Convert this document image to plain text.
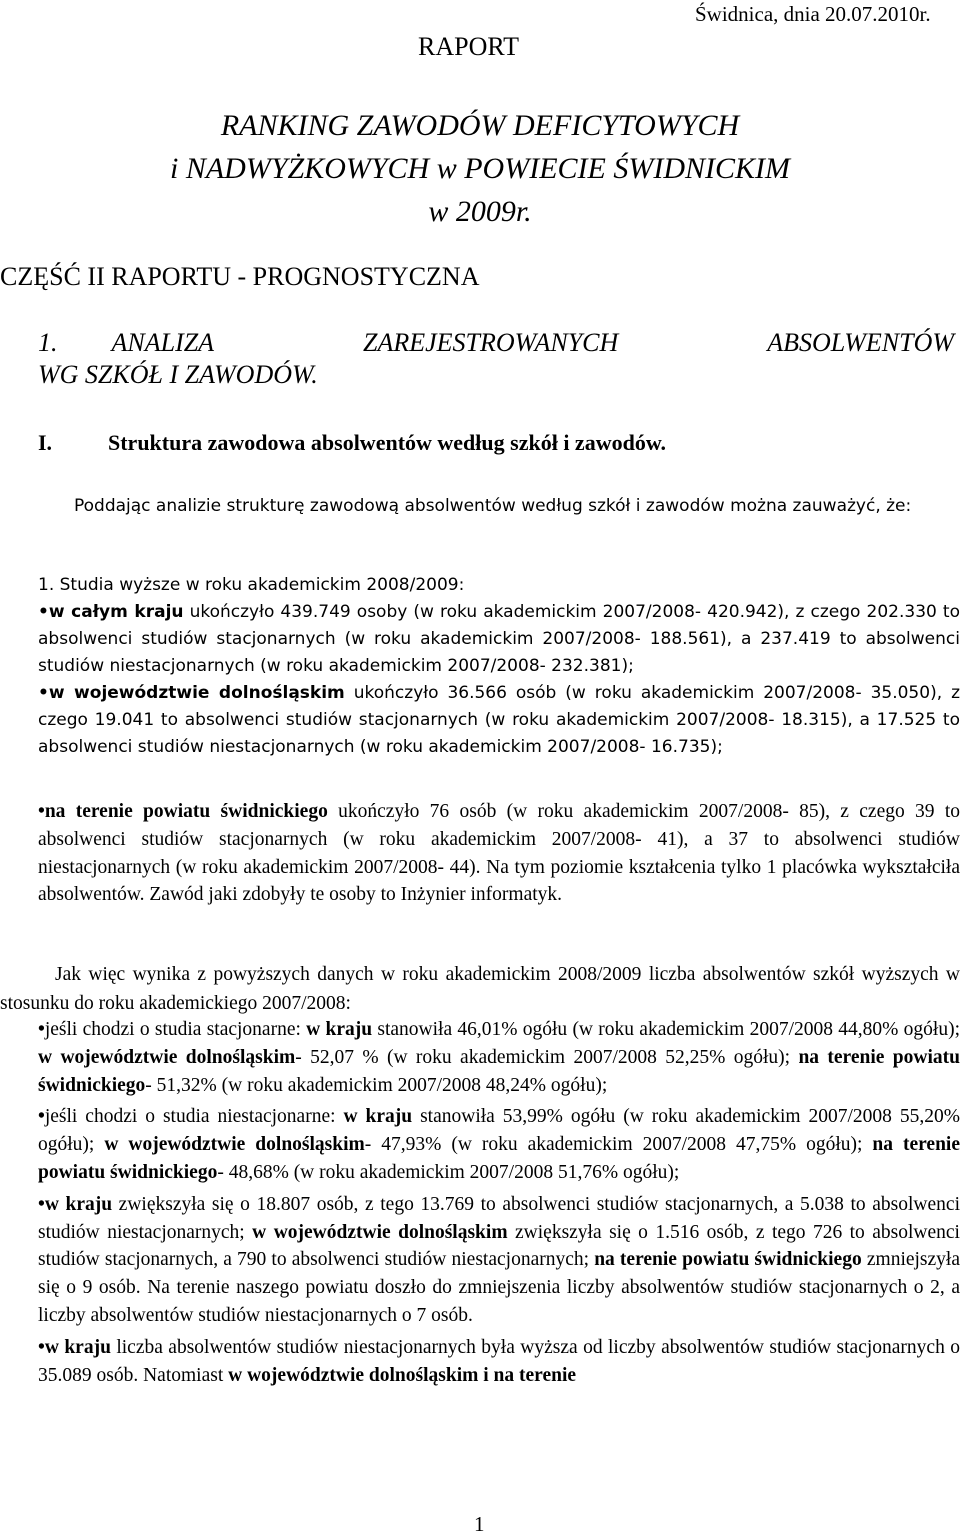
Świdnica, dnia 20.07.2010r.
RAPORT
RANKING ZAWODÓW DEFICYTOWYCH
i NADWYŻKOWYCH w POWIECIE ŚWIDNICKIM
w 2009r.
CZĘŚĆ II RAPORTU - PROGNOSTYCZNA
1. ANALIZA	ZAREJESTROWANYCH	ABSOLWENTÓW
WG SZKÓŁ I ZAWODÓW.
I.	Struktura zawodowa absolwentów według szkół i zawodów.

Poddając analizie strukturę zawodową absolwentów według szkół i zawodów można zauważyć, że:

1. Studia wyższe w roku akademickim 2008/2009:
•w całym kraju ukończyło 439.749 osoby (w roku akademickim 2007/2008- 420.942), z czego 202.330 to absolwenci studiów stacjonarnych (w roku akademickim 2007/2008- 188.561), a 237.419 to absolwenci studiów niestacjonarnych (w roku akademickim 2007/2008- 232.381);
•w województwie dolnośląskim ukończyło 36.566 osób (w roku akademickim 2007/2008- 35.050), z czego 19.041 to absolwenci studiów stacjonarnych (w roku akademickim 2007/2008- 18.315), a 17.525 to absolwenci studiów niestacjonarnych (w roku akademickim 2007/2008- 16.735);
•na terenie powiatu świdnickiego ukończyło 76 osób (w roku akademickim 2007/2008- 85), z czego 39 to absolwenci studiów stacjonarnych (w roku akademickim 2007/2008- 41), a 37 to absolwenci studiów niestacjonarnych (w roku akademickim 2007/2008- 44). Na tym poziomie kształcenia tylko 1 placówka wykształciła absolwentów. Zawód jaki zdobyły te osoby to Inżynier informatyk.

Jak więc wynika z powyższych danych w roku akademickim 2008/2009 liczba absolwentów szkół wyższych w stosunku do roku akademickiego 2007/2008:

•jeśli chodzi o studia stacjonarne: w kraju stanowiła 46,01% ogółu (w roku akademickim 2007/2008 44,80% ogółu); w województwie dolnośląskim- 52,07 % (w roku akademickim 2007/2008 52,25% ogółu); na terenie powiatu świdnickiego- 51,32% (w roku akademickim 2007/2008 48,24% ogółu);
•jeśli chodzi o studia niestacjonarne: w kraju stanowiła 53,99% ogółu (w roku akademickim 2007/2008 55,20% ogółu); w województwie dolnośląskim- 47,93% (w roku akademickim 2007/2008 47,75% ogółu); na terenie powiatu świdnickiego- 48,68% (w roku akademickim 2007/2008 51,76% ogółu);
•w kraju zwiększyła się o 18.807 osób, z tego 13.769 to absolwenci studiów stacjonarnych, a 5.038 to absolwenci studiów niestacjonarnych; w województwie dolnośląskim zwiększyła się o 1.516 osób, z tego 726 to absolwenci studiów stacjonarnych, a 790 to absolwenci studiów niestacjonarnych; na terenie powiatu świdnickiego zmniejszyła się o 9 osób. Na terenie naszego powiatu doszło do zmniejszenia liczby absolwentów studiów stacjonarnych o 2, a liczby absolwentów studiów niestacjonarnych o 7 osób.
•w kraju liczba absolwentów studiów niestacjonarnych była wyższa od liczby absolwentów studiów stacjonarnych o 35.089 osób. Natomiast w województwie dolnośląskim i na terenie
1
